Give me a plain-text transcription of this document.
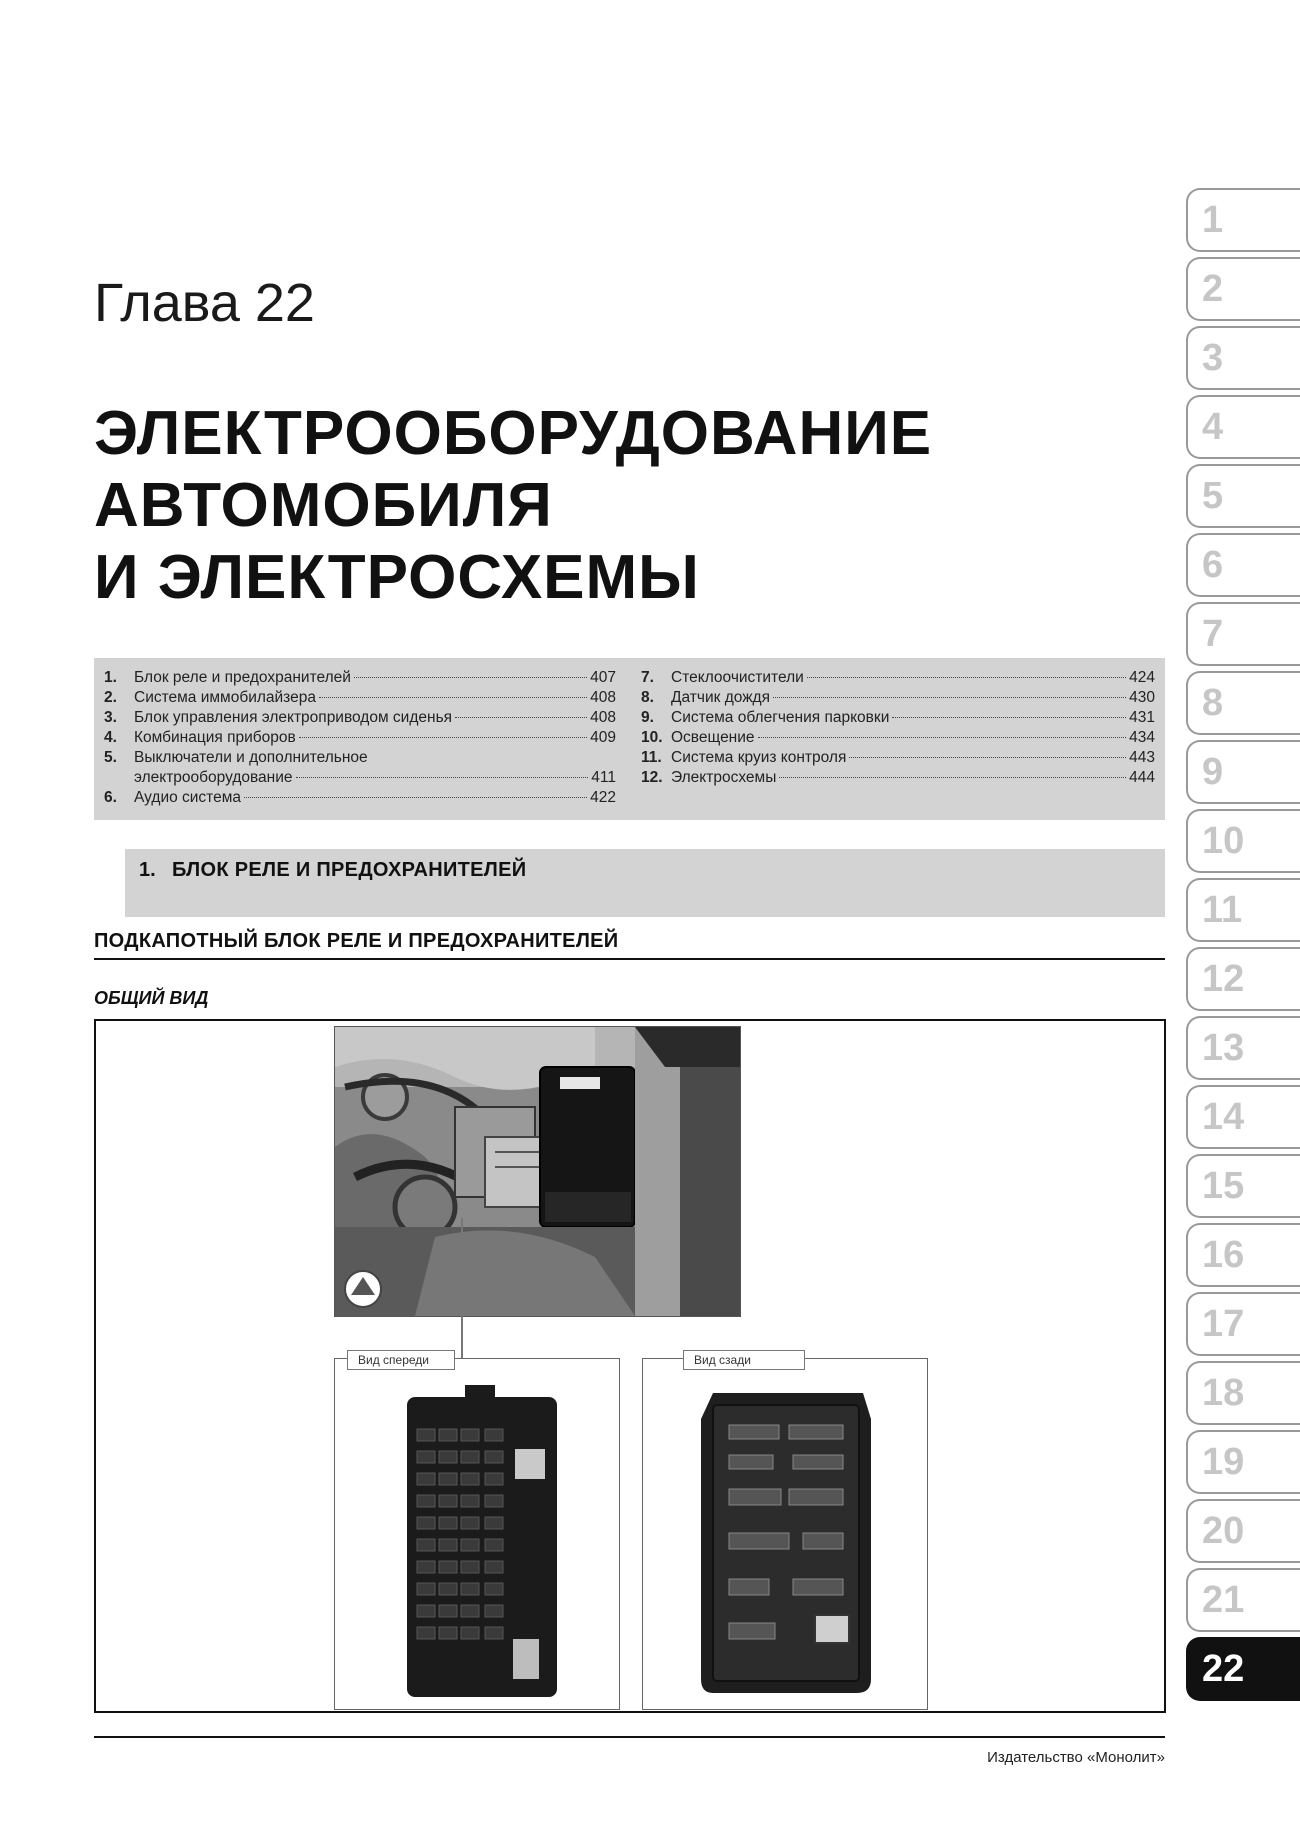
Глава 22
ЭЛЕКТРООБОРУДОВАНИЕ
АВТОМОБИЛЯ
И ЭЛЕКТРОСХЕМЫ
1.	Блок реле и предохранителей	407
2.	Система иммобилайзера	408
3.	Блок управления электроприводом сиденья	408
4.	Комбинация приборов	409
5.	Выключатели и дополнительное
электрооборудование	411
6.	Аудио система	422
7.	Стеклоочистители	424
8.	Датчик дождя	430
9.	Система облегчения парковки	431
10. Освещение	434
11. Система круиз контроля	443
12. Электросхемы	444
1. БЛОК РЕЛЕ И ПРЕДОХРАНИТЕЛЕЙ
ПОДКАПОТНЫЙ БЛОК РЕЛЕ И ПРЕДОХРАНИТЕЛЕЙ
ОБЩИЙ ВИД
Вид спереди	Вид сзади
Издательство «Монолит»
1
2
3
4
5
6
7
8
9
10
11
12
13
14
15
16
17
18
19
20
21
22
